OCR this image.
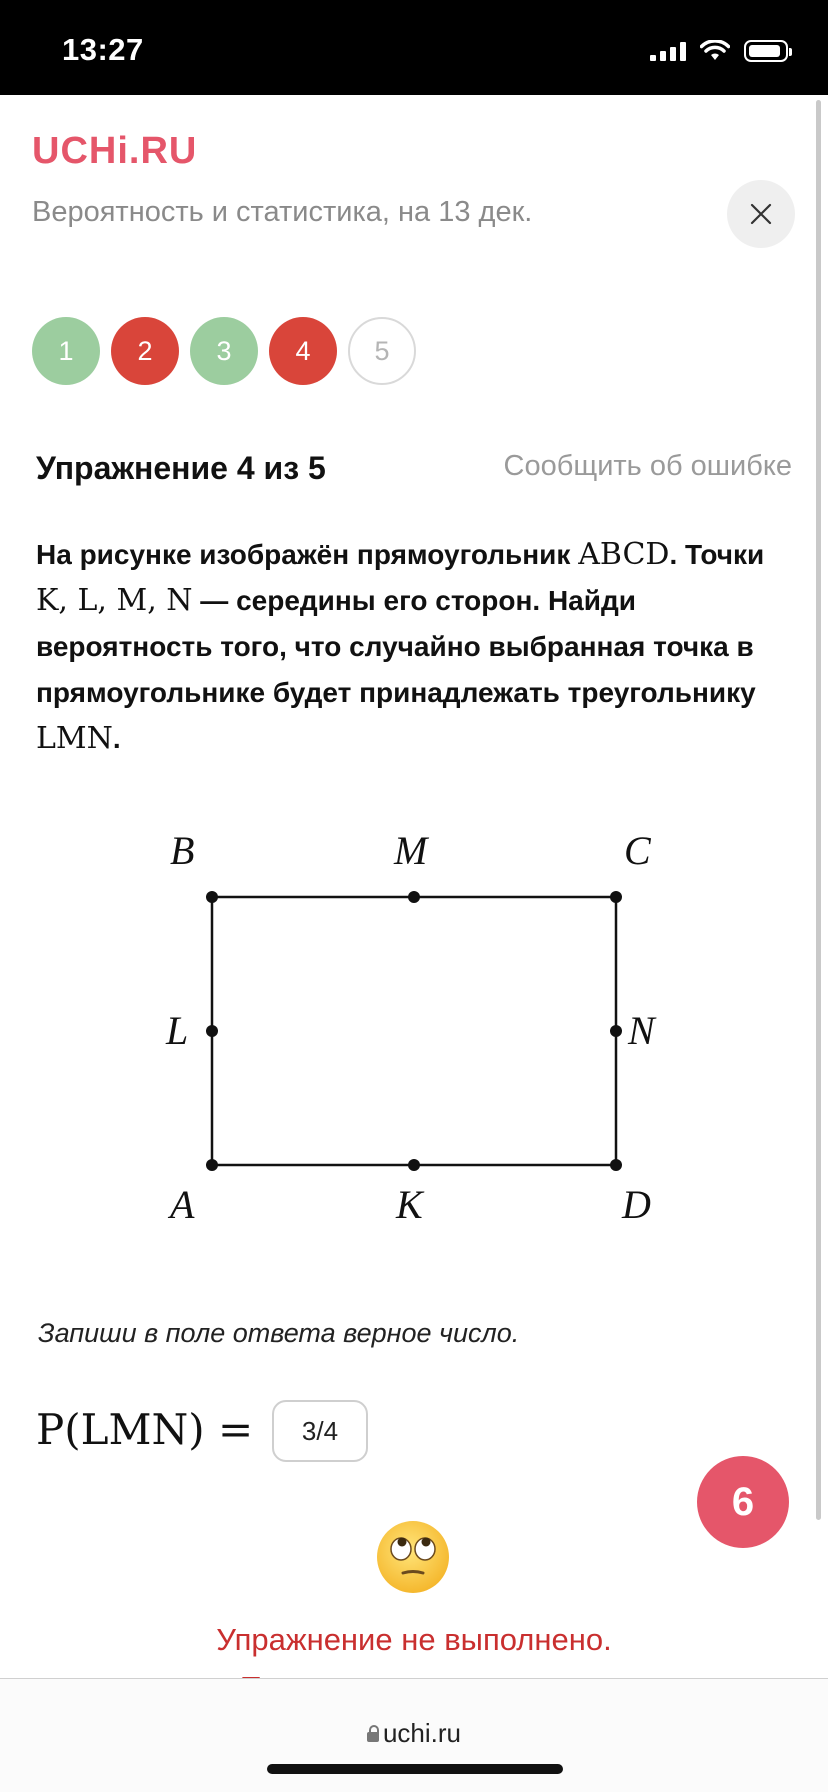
13:27
UCHi.RU
Вероятность и статистика, на 13 дек.
1	2	3	4	5
Упражнение 4 из 5	Сообщить об ошибке
На рисунке изображён прямоугольник ABCD. Точки K, L, M, N — середины его сторон. Найди вероятность того, что случайно выбранная точка в прямоугольнике будет принадлежать треугольнику LMN.
B	M	C
L	N
A	K	D
Запиши в поле ответа верное число.
P(LMN) =	3/4
6
Упражнение не выполнено.
uchi.ru
